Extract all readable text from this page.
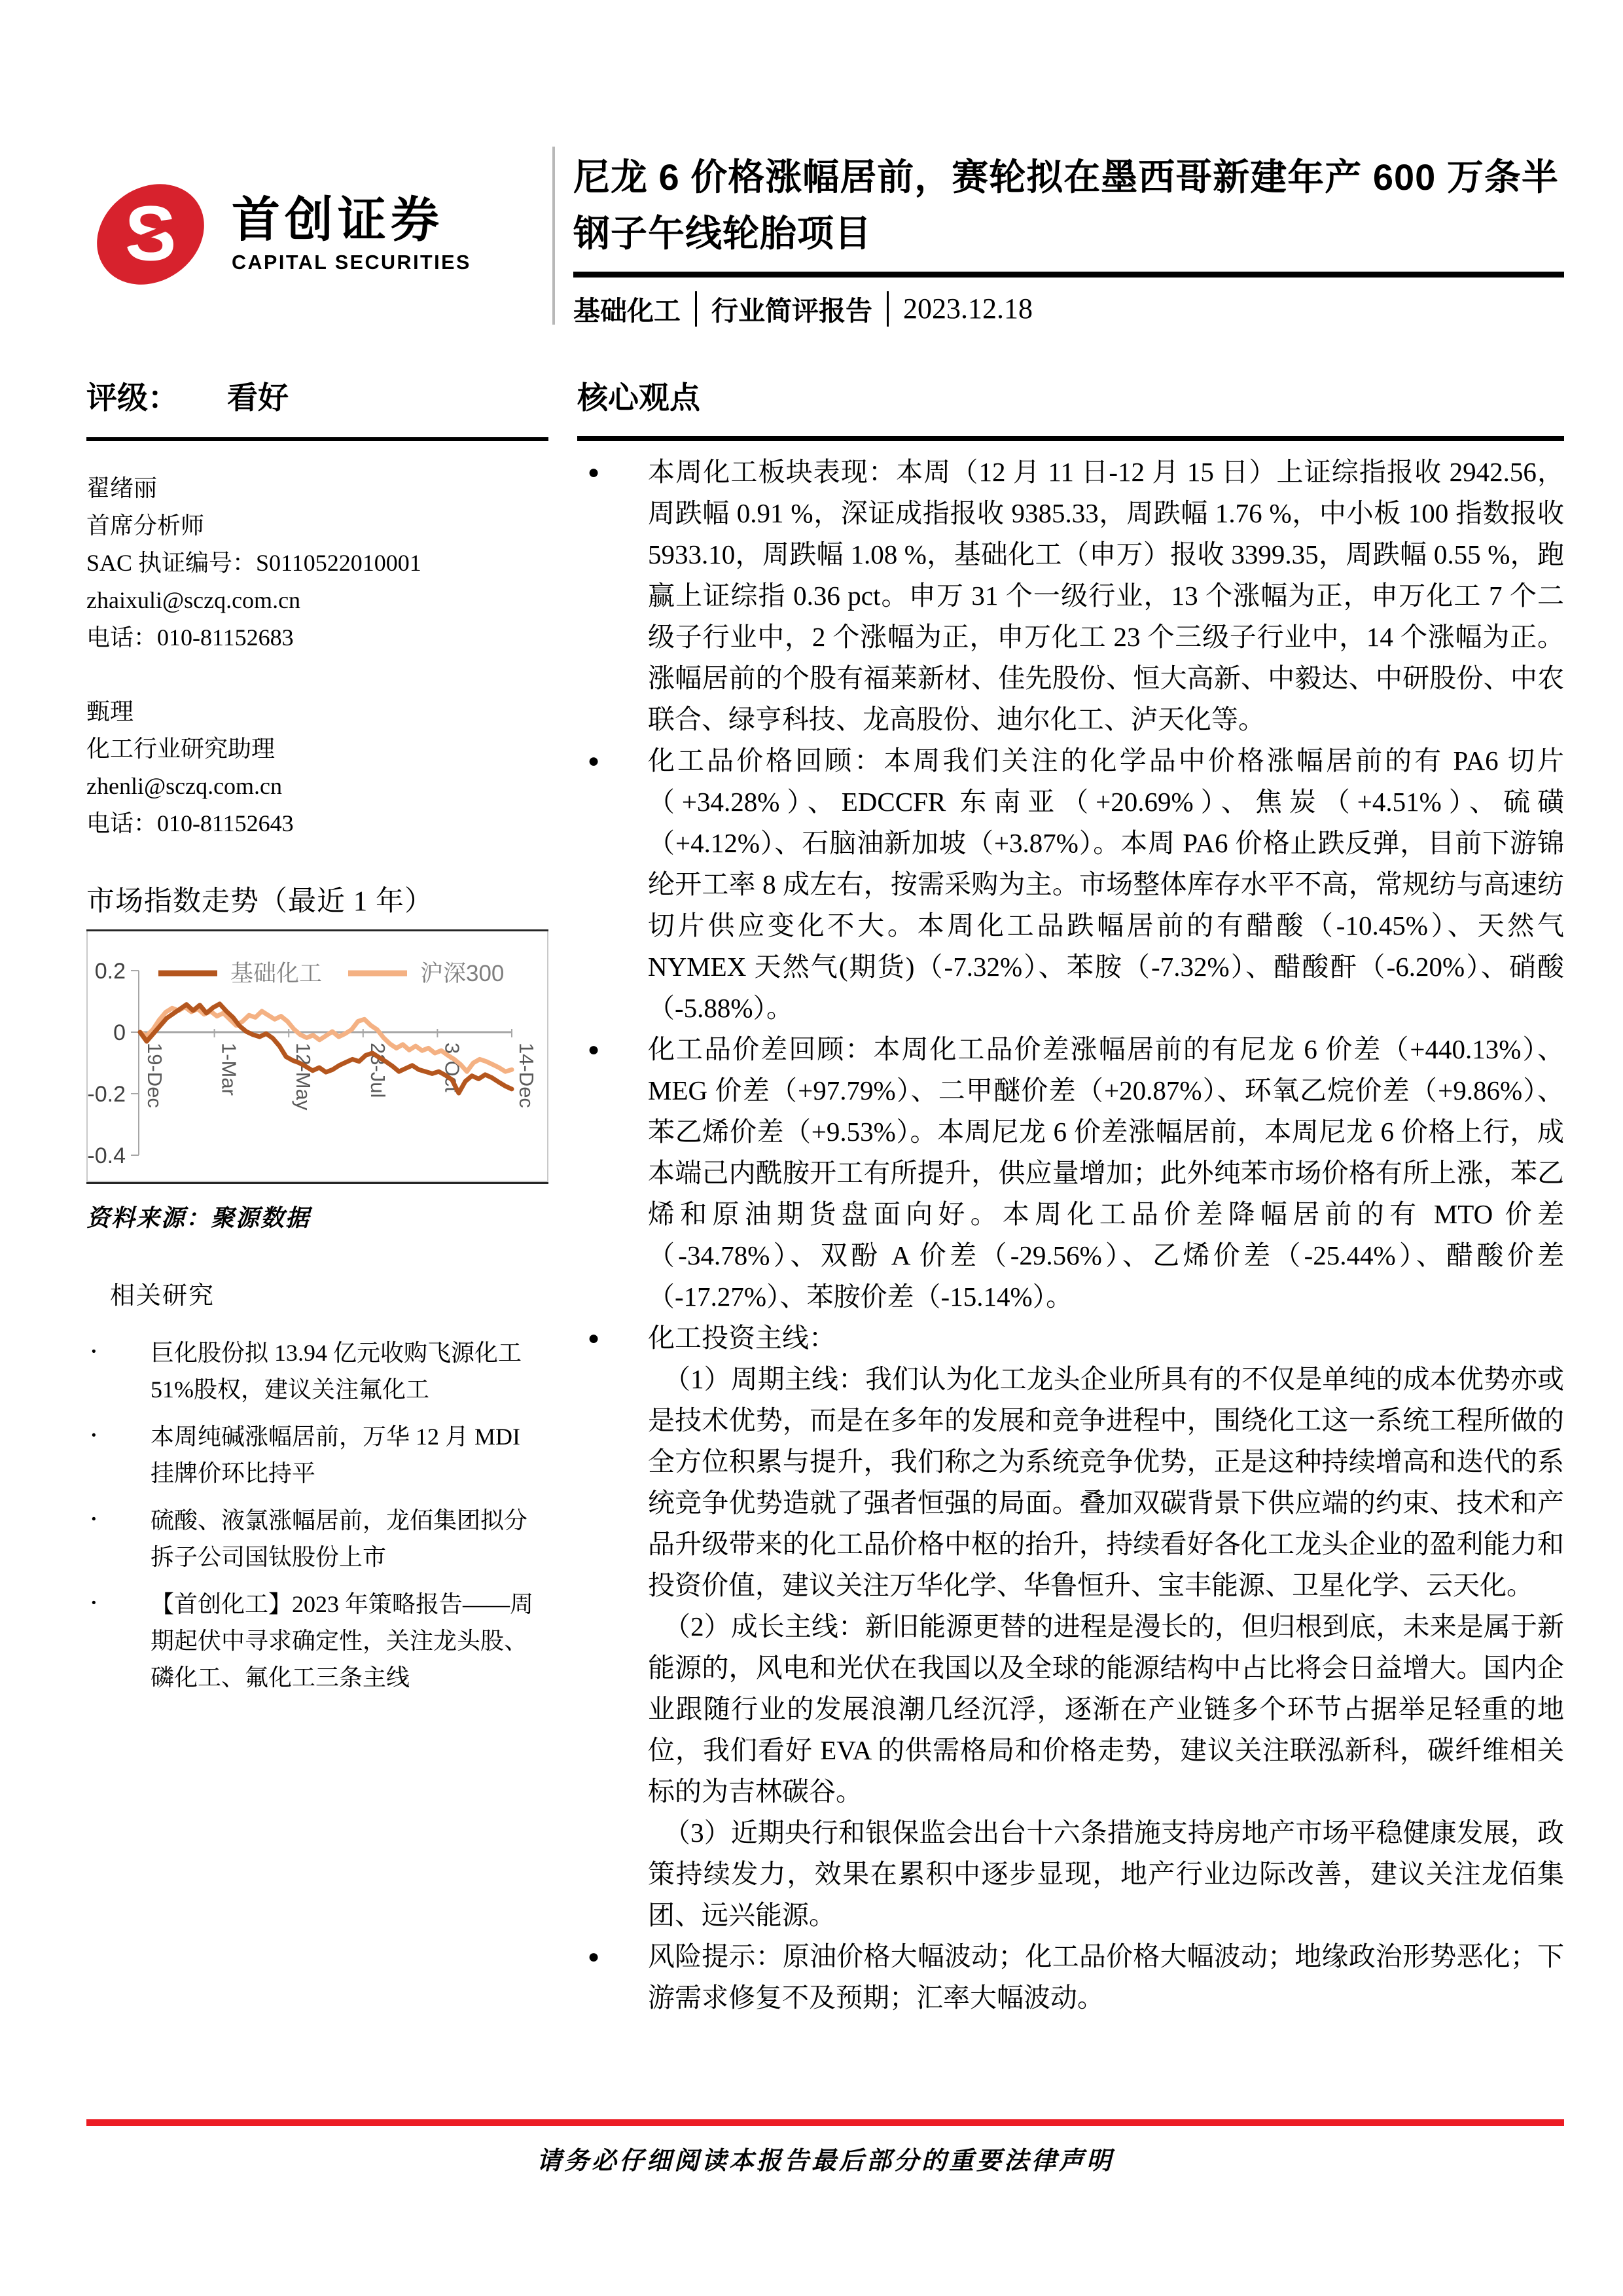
S 首创证券
CAPITAL SECURITIES
尼龙 6 价格涨幅居前，赛轮拟在墨西哥新建年产 600 万条半钢子午线轮胎项目
基础化工 行业简评报告 2023.12.18
评级： 看好
翟绪丽
首席分析师
SAC 执证编号：S0110522010001
zhaixuli@sczq.com.cn
电话：010-81152683
甄理
化工行业研究助理
zhenli@sczq.com.cn
电话：010-81152643
市场指数走势（最近 1 年）
0.2
0
-0.2
-0.4
19-Dec	1-Mar	12-May	23-Jul	3-Oct	14-Dec
基础化工	沪深300
资料来源：聚源数据
相关研究
· 巨化股份拟 13.94 亿元收购飞源化工 51%股权，建议关注氟化工
· 本周纯碱涨幅居前，万华 12 月 MDI 挂牌价环比持平
· 硫酸、液氯涨幅居前，龙佰集团拟分拆子公司国钛股份上市
· 【首创化工】2023 年策略报告——周期起伏中寻求确定性，关注龙头股、磷化工、氟化工三条主线
核心观点
● 本周化工板块表现：本周（12 月 11 日-12 月 15 日）上证综指报收 2942.56，周跌幅 0.91 %，深证成指报收 9385.33，周跌幅 1.76 %，中小板 100 指数报收 5933.10，周跌幅 1.08 %，基础化工（申万）报收 3399.35，周跌幅 0.55 %，跑赢上证综指 0.36 pct。申万 31 个一级行业，13 个涨幅为正，申万化工 7 个二级子行业中，2 个涨幅为正，申万化工 23 个三级子行业中，14 个涨幅为正。涨幅居前的个股有福莱新材、佳先股份、恒大高新、中毅达、中研股份、中农联合、绿亨科技、龙高股份、迪尔化工、泸天化等。
● 化工品价格回顾：本周我们关注的化学品中价格涨幅居前的有 PA6 切片（+34.28%）、EDCCFR 东南亚（+20.69%）、焦炭（+4.51%）、硫磺（+4.12%）、石脑油新加坡（+3.87%）。本周 PA6 价格止跌反弹，目前下游锦纶开工率 8 成左右，按需采购为主。市场整体库存水平不高，常规纺与高速纺切片供应变化不大。本周化工品跌幅居前的有醋酸（-10.45%）、天然气 NYMEX 天然气(期货)（-7.32%）、苯胺（-7.32%）、醋酸酐（-6.20%）、硝酸（-5.88%）。
● 化工品价差回顾：本周化工品价差涨幅居前的有尼龙 6 价差（+440.13%）、MEG 价差（+97.79%）、二甲醚价差（+20.87%）、环氧乙烷价差（+9.86%）、苯乙烯价差（+9.53%）。本周尼龙 6 价差涨幅居前，本周尼龙 6 价格上行，成本端己内酰胺开工有所提升，供应量增加；此外纯苯市场价格有所上涨，苯乙烯和原油期货盘面向好。本周化工品价差降幅居前的有 MTO 价差（-34.78%）、双酚 A 价差（-29.56%）、乙烯价差（-25.44%）、醋酸价差（-17.27%）、苯胺价差（-15.14%）。
● 化工投资主线：

（1）周期主线：我们认为化工龙头企业所具有的不仅是单纯的成本优势亦或是技术优势，而是在多年的发展和竞争进程中，围绕化工这一系统工程所做的全方位积累与提升，我们称之为系统竞争优势，正是这种持续增高和迭代的系统竞争优势造就了强者恒强的局面。叠加双碳背景下供应端的约束、技术和产品升级带来的化工品价格中枢的抬升，持续看好各化工龙头企业的盈利能力和投资价值，建议关注万华化学、华鲁恒升、宝丰能源、卫星化学、云天化。

（2）成长主线：新旧能源更替的进程是漫长的，但归根到底，未来是属于新能源的，风电和光伏在我国以及全球的能源结构中占比将会日益增大。国内企业跟随行业的发展浪潮几经沉浮，逐渐在产业链多个环节占据举足轻重的地位，我们看好 EVA 的供需格局和价格走势，建议关注联泓新科，碳纤维相关标的为吉林碳谷。

（3）近期央行和银保监会出台十六条措施支持房地产市场平稳健康发展，政策持续发力，效果在累积中逐步显现，地产行业边际改善，建议关注龙佰集团、远兴能源。

● 风险提示：原油价格大幅波动；化工品价格大幅波动；地缘政治形势恶化；下游需求修复不及预期；汇率大幅波动。
请务必仔细阅读本报告最后部分的重要法律声明
